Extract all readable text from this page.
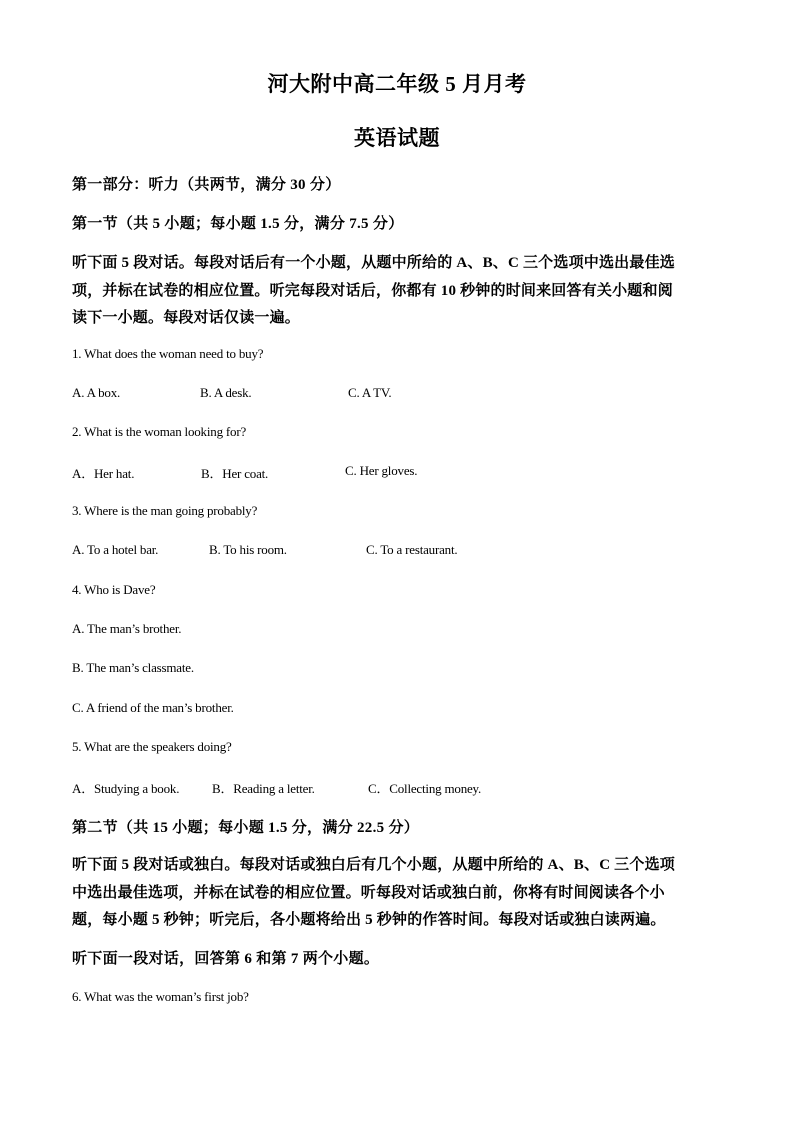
河大附中高二年级 5 月月考
英语试题
第一部分：听力（共两节，满分 30 分）
第一节（共 5 小题；每小题 1.5 分，满分 7.5 分）
听下面 5 段对话。每段对话后有一个小题，从题中所给的 A、B、C 三个选项中选出最佳选
项，并标在试卷的相应位置。听完每段对话后，你都有 10 秒钟的时间来回答有关小题和阅
读下一小题。每段对话仅读一遍。
1. What does the woman need to buy?
A. A box.	B. A desk.	C. A TV.
2. What is the woman looking for?
A．Her hat.	B．Her coat.	C. Her gloves.
3. Where is the man going probably?
A. To a hotel bar.	B. To his room.	C. To a restaurant.
4. Who is Dave?
A. The man’s brother.
B. The man’s classmate.
C. A friend of the man’s brother.
5. What are the speakers doing?
A．Studying a book.	B．Reading a letter.	C．Collecting money.
第二节（共 15 小题；每小题 1.5 分，满分 22.5 分）
听下面 5 段对话或独白。每段对话或独白后有几个小题，从题中所给的 A、B、C 三个选项
中选出最佳选项，并标在试卷的相应位置。听每段对话或独白前，你将有时间阅读各个小
题，每小题 5 秒钟；听完后，各小题将给出 5 秒钟的作答时间。每段对话或独白读两遍。
听下面一段对话，回答第 6 和第 7 两个小题。
6. What was the woman’s first job?
